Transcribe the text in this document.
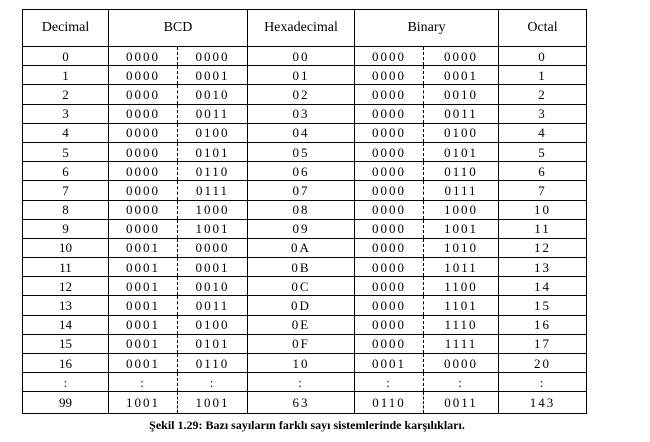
Decimal	BCD		Hexadecimal	Binary		Octal
0	0000	0000	00	0000	0000	0
1	0000	0001	01	0000	0001	1
2	0000	0010	02	0000	0010	2
3	0000	0011	03	0000	0011	3
4	0000	0100	04	0000	0100	4
5	0000	0101	05	0000	0101	5
6	0000	0110	06	0000	0110	6
7	0000	0111	07	0000	0111	7
8	0000	1000	08	0000	1000	10
9	0000	1001	09	0000	1001	11
10	0001	0000	0A	0000	1010	12
11	0001	0001	0B	0000	1011	13
12	0001	0010	0C	0000	1100	14
13	0001	0011	0D	0000	1101	15
14	0001	0100	0E	0000	1110	16
15	0001	0101	0F	0000	1111	17
16	0001	0110	10	0001	0000	20
:	:	:	:	:	:	:
99	1001	1001	63	0110	0011	143
Şekil 1.29: Bazı sayıların farklı sayı sistemlerinde karşılıkları.
